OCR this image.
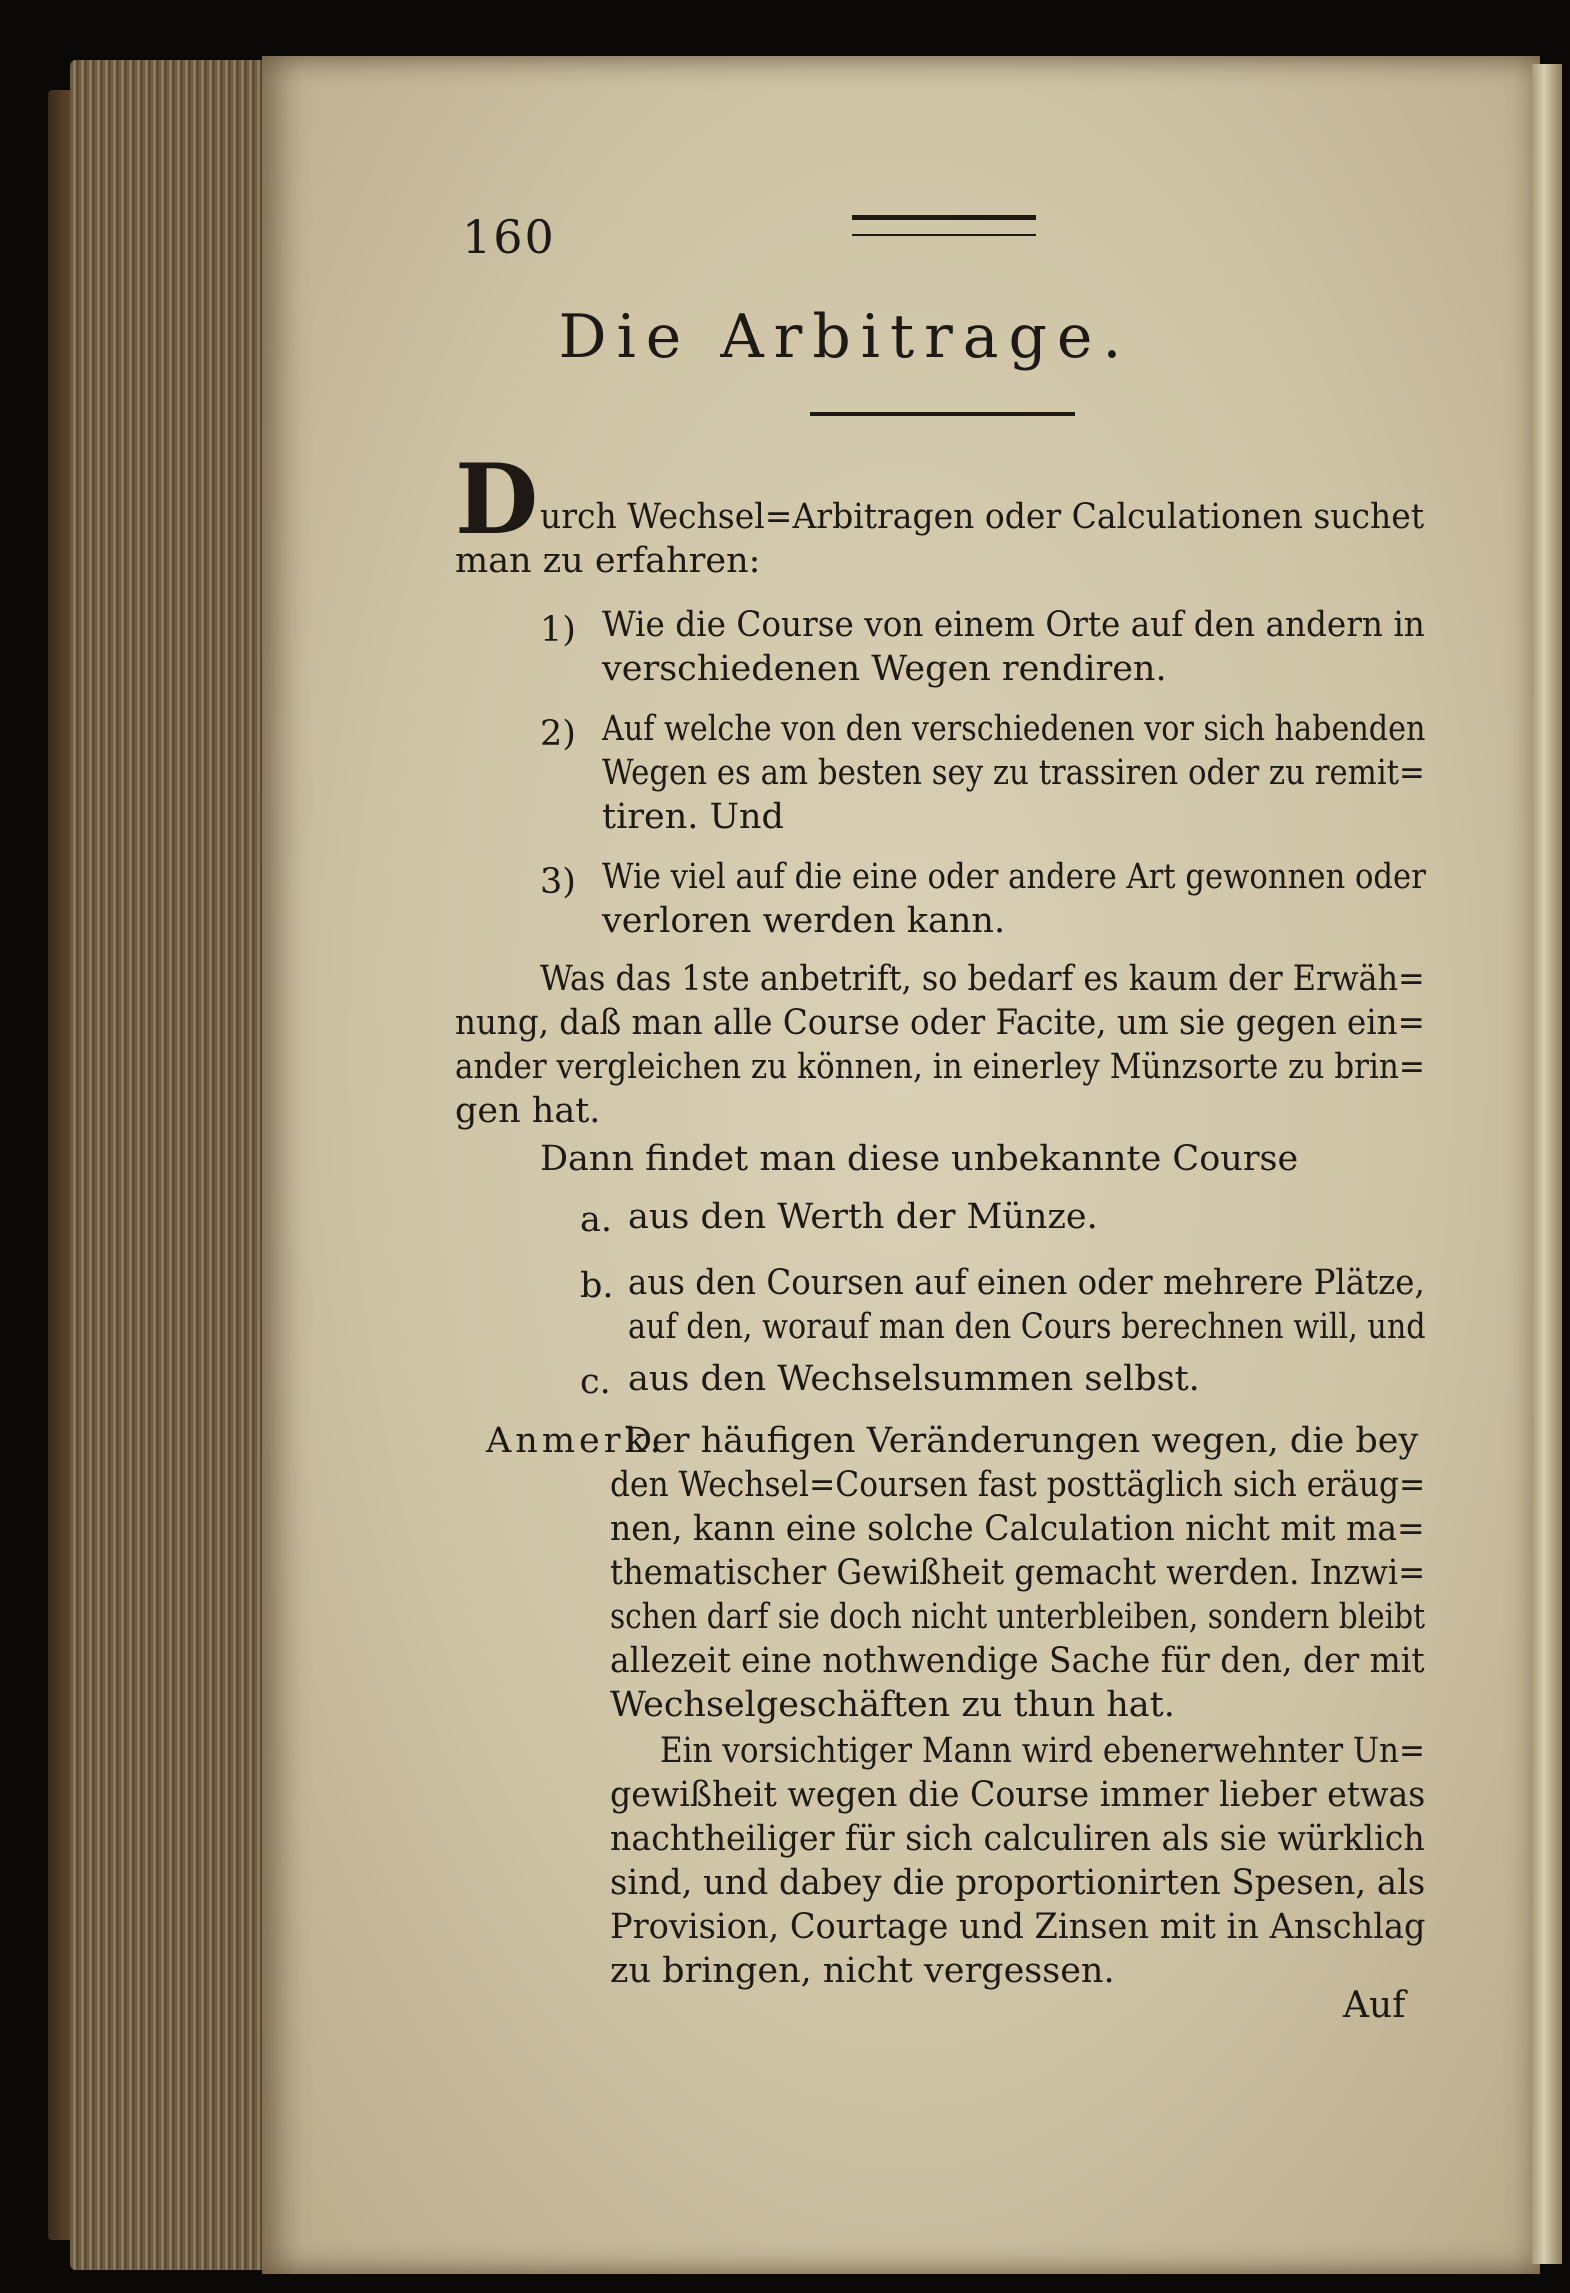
160
Die Arbitrage.
D urch Wechsel=Arbitragen oder Calculationen suchet
man zu erfahren:
1) Wie die Course von einem Orte auf den andern in
verschiedenen Wegen rendiren.
2) Auf welche von den verschiedenen vor sich habenden
Wegen es am besten sey zu trassiren oder zu remit=
tiren. Und
3) Wie viel auf die eine oder andere Art gewonnen oder
verloren werden kann.
Was das 1ste anbetrift, so bedarf es kaum der Erwäh=
nung, daß man alle Course oder Facite, um sie gegen ein=
ander vergleichen zu können, in einerley Münzsorte zu brin=
gen hat.
Dann findet man diese unbekannte Course
a. aus den Werth der Münze.
b. aus den Coursen auf einen oder mehrere Plätze,
auf den, worauf man den Cours berechnen will, und
c. aus den Wechselsummen selbst.
Anmerk.
Der häufigen Veränderungen wegen, die bey
den Wechsel=Coursen fast posttäglich sich eräug=
nen, kann eine solche Calculation nicht mit ma=
thematischer Gewißheit gemacht werden. Inzwi=
schen darf sie doch nicht unterbleiben, sondern bleibt
allezeit eine nothwendige Sache für den, der mit
Wechselgeschäften zu thun hat.
Ein vorsichtiger Mann wird ebenerwehnter Un=
gewißheit wegen die Course immer lieber etwas
nachtheiliger für sich calculiren als sie würklich
sind, und dabey die proportionirten Spesen, als
Provision, Courtage und Zinsen mit in Anschlag
zu bringen, nicht vergessen.
Auf
